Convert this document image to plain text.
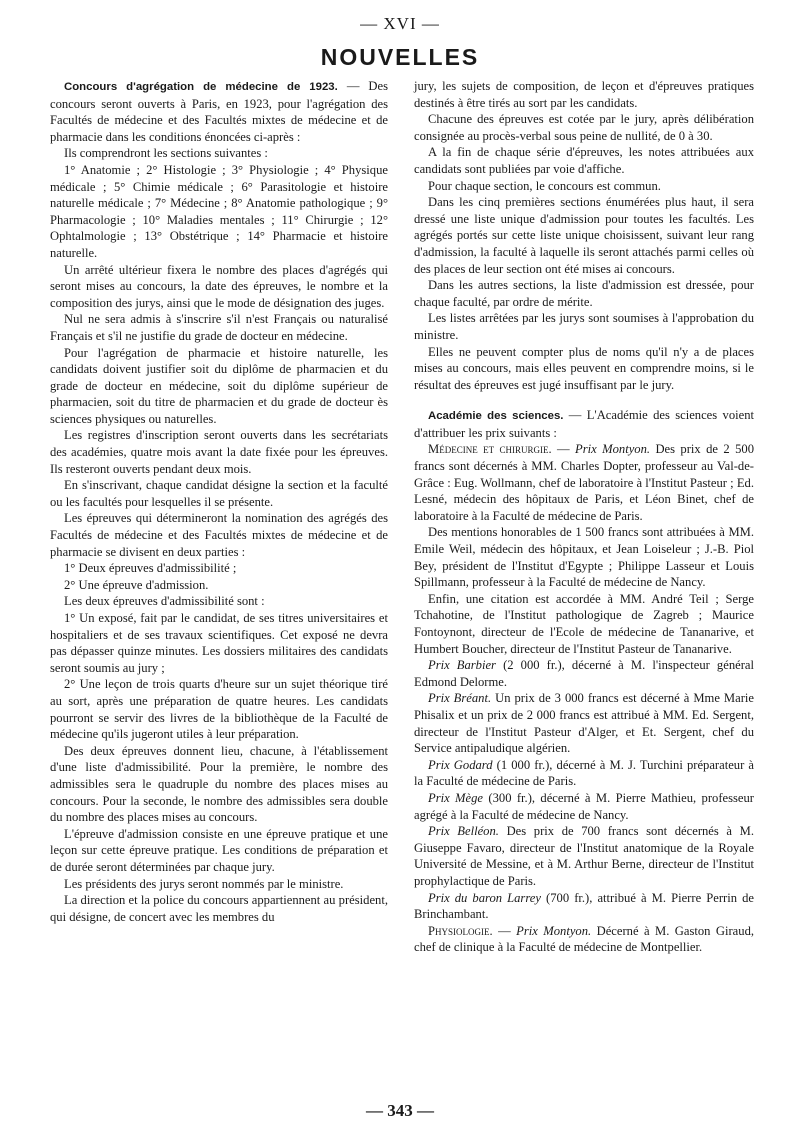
— XVI —
NOUVELLES

Concours d'agrégation de médecine de 1923. — Des concours seront ouverts à Paris, en 1923, pour l'agrégation des Facultés de médecine et des Facultés mixtes de médecine et de pharmacie dans les conditions énoncées ci-après :

Ils comprendront les sections suivantes :

1° Anatomie ; 2° Histologie ; 3° Physiologie ; 4° Physique médicale ; 5° Chimie médicale ; 6° Parasitologie et histoire naturelle médicale ; 7° Médecine ; 8° Anatomie pathologique ; 9° Pharmacologie ; 10° Maladies mentales ; 11° Chirurgie ; 12° Ophtalmologie ; 13° Obstétrique ; 14° Pharmacie et histoire naturelle.

Un arrêté ultérieur fixera le nombre des places d'agrégés qui seront mises au concours, la date des épreuves, le nombre et la composition des jurys, ainsi que le mode de désignation des juges.

Nul ne sera admis à s'inscrire s'il n'est Français ou naturalisé Français et s'il ne justifie du grade de docteur en médecine.

Pour l'agrégation de pharmacie et histoire naturelle, les candidats doivent justifier soit du diplôme de pharmacien et du grade de docteur en médecine, soit du diplôme supérieur de pharmacien, soit du titre de pharmacien et du grade de docteur ès sciences physiques ou naturelles.

Les registres d'inscription seront ouverts dans les secrétariats des académies, quatre mois avant la date fixée pour les épreuves. Ils resteront ouverts pendant deux mois.

En s'inscrivant, chaque candidat désigne la section et la faculté ou les facultés pour lesquelles il se présente.

Les épreuves qui détermineront la nomination des agrégés des Facultés de médecine et des Facultés mixtes de médecine et de pharmacie se divisent en deux parties :

1° Deux épreuves d'admissibilité ;

2° Une épreuve d'admission.

Les deux épreuves d'admissibilité sont :

1° Un exposé, fait par le candidat, de ses titres universitaires et hospitaliers et de ses travaux scientifiques. Cet exposé ne devra pas dépasser quinze minutes. Les dossiers militaires des candidats seront soumis au jury ;

2° Une leçon de trois quarts d'heure sur un sujet théorique tiré au sort, après une préparation de quatre heures. Les candidats pourront se servir des livres de la bibliothèque de la Faculté de médecine qu'ils jugeront utiles à leur préparation.

Des deux épreuves donnent lieu, chacune, à l'établissement d'une liste d'admissibilité. Pour la première, le nombre des admissibles sera le quadruple du nombre des places mises au concours. Pour la seconde, le nombre des admissibles sera double du nombre des places mises au concours.

L'épreuve d'admission consiste en une épreuve pratique et une leçon sur cette épreuve pratique. Les conditions de préparation et de durée seront déterminées par chaque jury.

Les présidents des jurys seront nommés par le ministre.

La direction et la police du concours appartiennent au président, qui désigne, de concert avec les membres du

jury, les sujets de composition, de leçon et d'épreuves pratiques destinés à être tirés au sort par les candidats.

Chacune des épreuves est cotée par le jury, après délibération consignée au procès-verbal sous peine de nullité, de 0 à 30.

A la fin de chaque série d'épreuves, les notes attribuées aux candidats sont publiées par voie d'affiche.

Pour chaque section, le concours est commun.

Dans les cinq premières sections énumérées plus haut, il sera dressé une liste unique d'admission pour toutes les facultés. Les agrégés portés sur cette liste unique choisissent, suivant leur rang d'admission, la faculté à laquelle ils seront attachés parmi celles où des places de leur section ont été mises ai concours.

Dans les autres sections, la liste d'admission est dressée, pour chaque faculté, par ordre de mérite.

Les listes arrêtées par les jurys sont soumises à l'approbation du ministre.

Elles ne peuvent compter plus de noms qu'il n'y a de places mises au concours, mais elles peuvent en comprendre moins, si le résultat des épreuves est jugé insuffisant par le jury.

Académie des sciences. — L'Académie des sciences voient d'attribuer les prix suivants :

Médecine et chirurgie. — Prix Montyon. Des prix de 2 500 francs sont décernés à MM. Charles Dopter, professeur au Val-de-Grâce : Eug. Wollmann, chef de laboratoire à l'Institut Pasteur ; Ed. Lesné, médecin des hôpitaux de Paris, et Léon Binet, chef de laboratoire à la Faculté de médecine de Paris.

Des mentions honorables de 1 500 francs sont attribuées à MM. Emile Weil, médecin des hôpitaux, et Jean Loiseleur ; J.-B. Piol Bey, président de l'Institut d'Egypte ; Philippe Lasseur et Louis Spillmann, professeur à la Faculté de médecine de Nancy.

Enfin, une citation est accordée à MM. André Teil ; Serge Tchahotine, de l'Institut pathologique de Zagreb ; Maurice Fontoynont, directeur de l'Ecole de médecine de Tananarive, et Humbert Boucher, directeur de l'Institut Pasteur de Tananarive.

Prix Barbier (2 000 fr.), décerné à M. l'inspecteur général Edmond Delorme.

Prix Bréant. Un prix de 3 000 francs est décerné à Mme Marie Phisalix et un prix de 2 000 francs est attribué à MM. Ed. Sergent, directeur de l'Institut Pasteur d'Alger, et Et. Sergent, chef du Service antipaludique algérien.

Prix Godard (1 000 fr.), décerné à M. J. Turchini préparateur à la Faculté de médecine de Paris.

Prix Mège (300 fr.), décerné à M. Pierre Mathieu, professeur agrégé à la Faculté de médecine de Nancy.

Prix Belléon. Des prix de 700 francs sont décernés à M. Giuseppe Favaro, directeur de l'Institut anatomique de la Royale Université de Messine, et à M. Arthur Berne, directeur de l'Institut prophylactique de Paris.

Prix du baron Larrey (700 fr.), attribué à M. Pierre Perrin de Brinchambant.

Physiologie. — Prix Montyon. Décerné à M. Gaston Giraud, chef de clinique à la Faculté de médecine de Montpellier.

— 343 —
